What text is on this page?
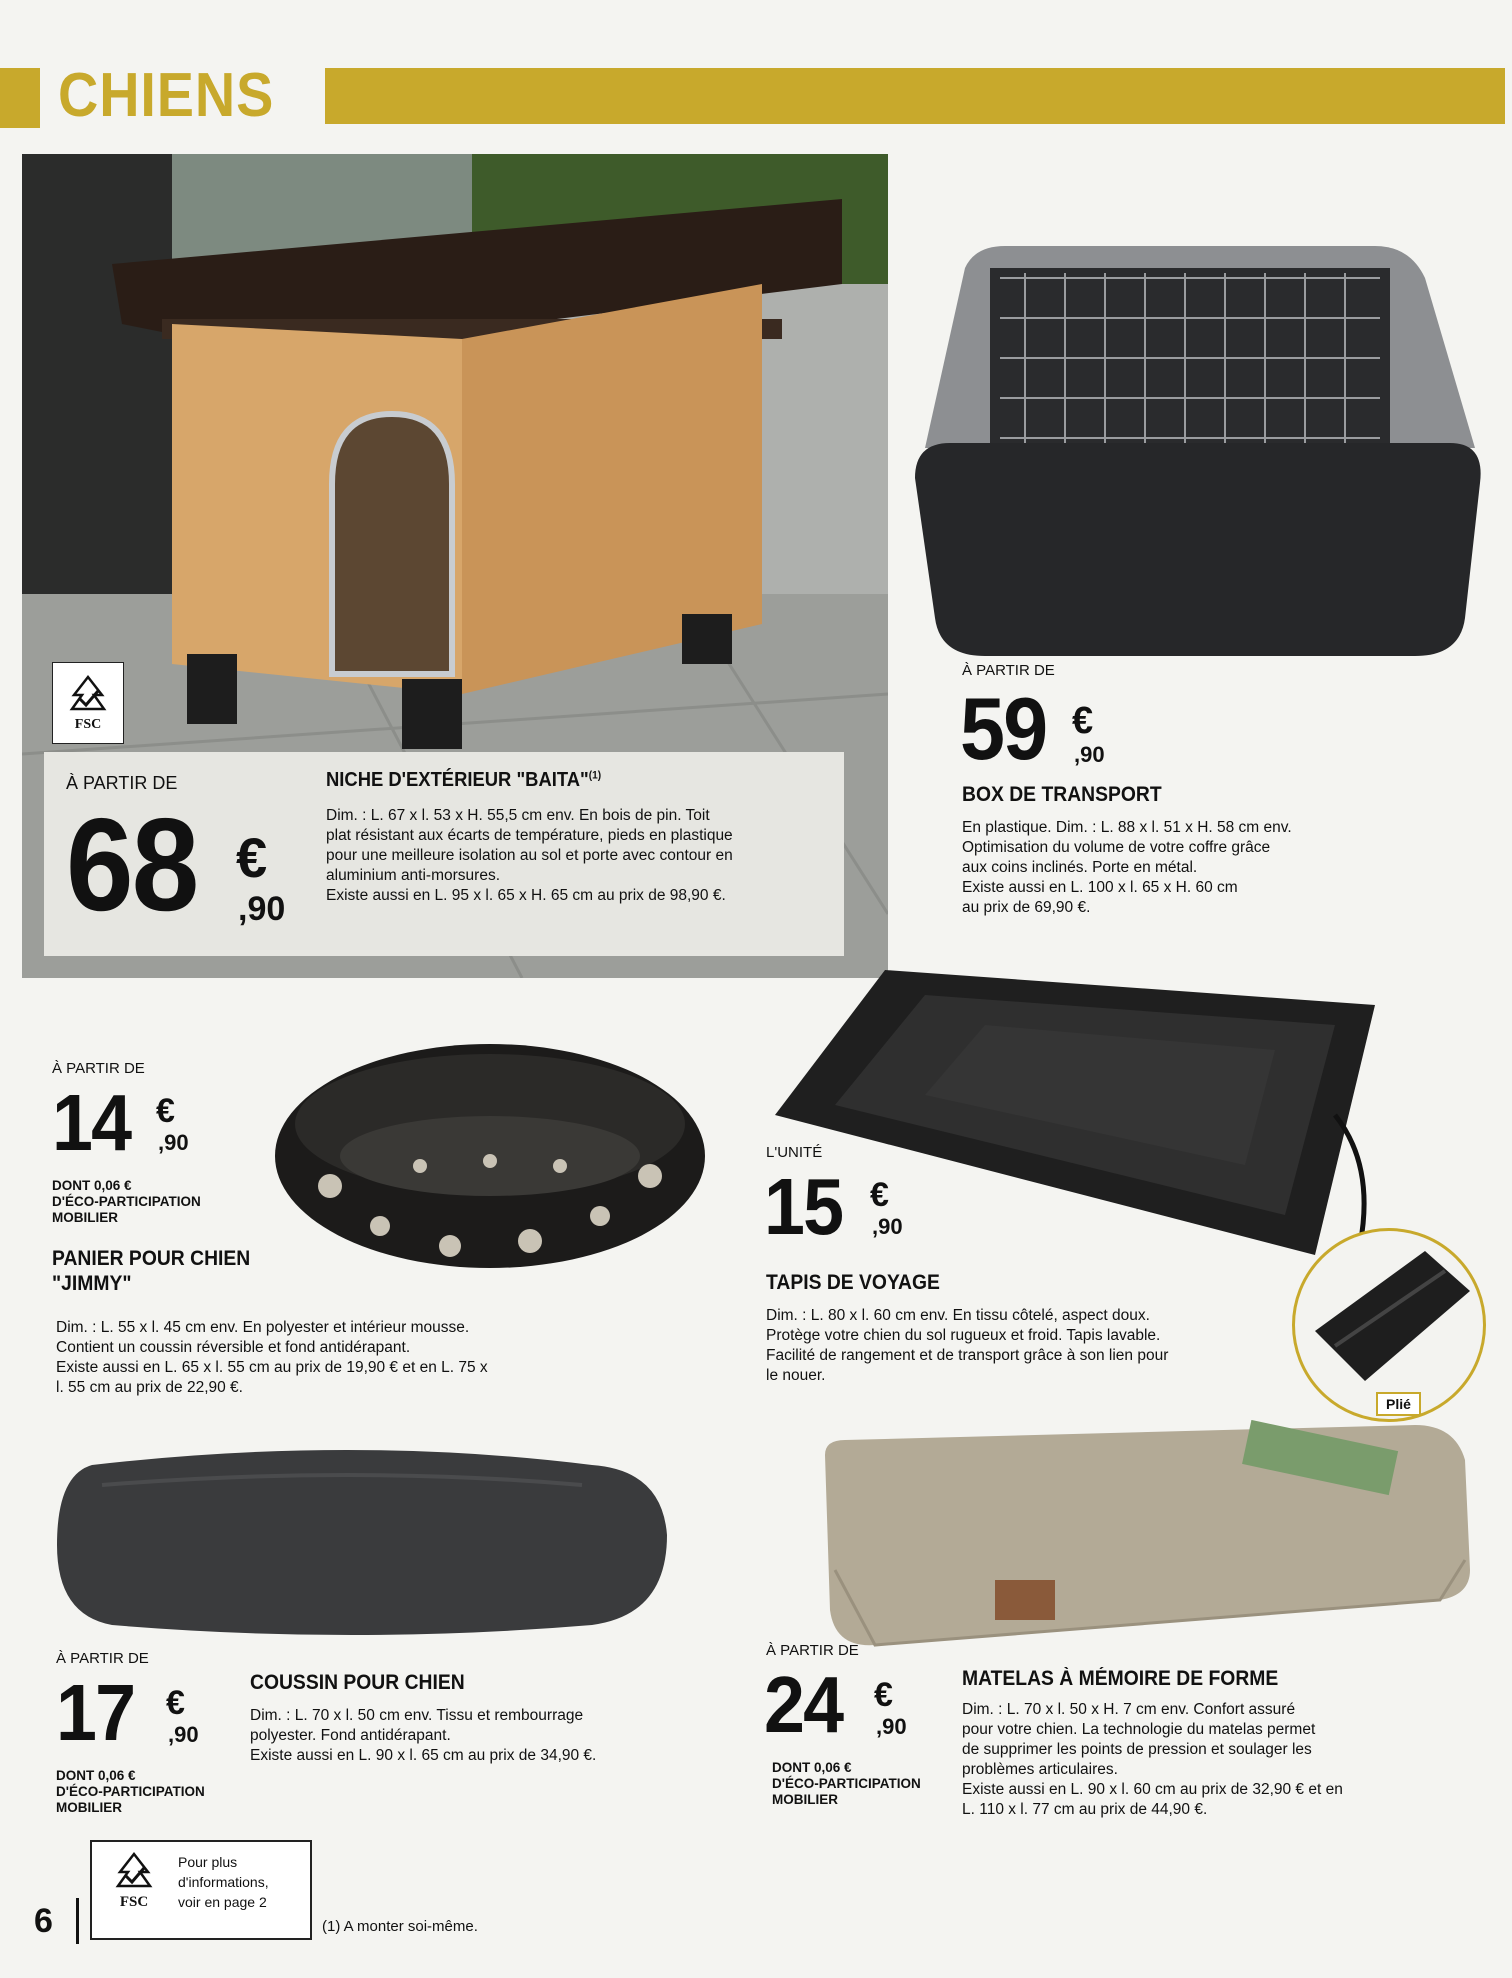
CHIENS
FSC
À PARTIR DE
68 €
,90
NICHE D'EXTÉRIEUR "BAITA"$^{(1)}$
Dim. : L. 67 x l. 53 x H. 55,5 cm env. En bois de pin. Toit
plat résistant aux écarts de température, pieds en plastique
pour une meilleure isolation au sol et porte avec contour en
aluminium anti-morsures.
Existe aussi en L. 95 x l. 65 x H. 65 cm au prix de 98,90 €.
À PARTIR DE
59 €
,90
BOX DE TRANSPORT
En plastique. Dim. : L. 88 x l. 51 x H. 58 cm env.
Optimisation du volume de votre coffre grâce
aux coins inclinés. Porte en métal.
Existe aussi en L. 100 x l. 65 x H. 60 cm
au prix de 69,90 €.
À PARTIR DE
14 €
,90
DONT 0,06 €
D'ÉCO-PARTICIPATION
MOBILIER
PANIER POUR CHIEN
"JIMMY"
Dim. : L. 55 x l. 45 cm env. En polyester et intérieur mousse.
Contient un coussin réversible et fond antidérapant.
Existe aussi en L. 65 x l. 55 cm au prix de 19,90 € et en L. 75 x
l. 55 cm au prix de 22,90 €.
Plié
L'UNITÉ
15 €
,90
TAPIS DE VOYAGE
Dim. : L. 80 x l. 60 cm env. En tissu côtelé, aspect doux.
Protège votre chien du sol rugueux et froid. Tapis lavable.
Facilité de rangement et de transport grâce à son lien pour
le nouer.
À PARTIR DE
17 €
,90
DONT 0,06 €
D'ÉCO-PARTICIPATION
MOBILIER
COUSSIN POUR CHIEN
Dim. : L. 70 x l. 50 cm env. Tissu et rembourrage
polyester. Fond antidérapant.
Existe aussi en L. 90 x l. 65 cm au prix de 34,90 €.
À PARTIR DE
24 €
,90
DONT 0,06 €
D'ÉCO-PARTICIPATION
MOBILIER
MATELAS À MÉMOIRE DE FORME
Dim. : L. 70 x l. 50 x H. 7 cm env. Confort assuré
pour votre chien. La technologie du matelas permet
de supprimer les points de pression et soulager les
problèmes articulaires.
Existe aussi en L. 90 x l. 60 cm au prix de 32,90 € et en
L. 110 x l. 77 cm au prix de 44,90 €.
6	FSC
Pour plus
d'informations,
voir en page 2
(1) A monter soi-même.
